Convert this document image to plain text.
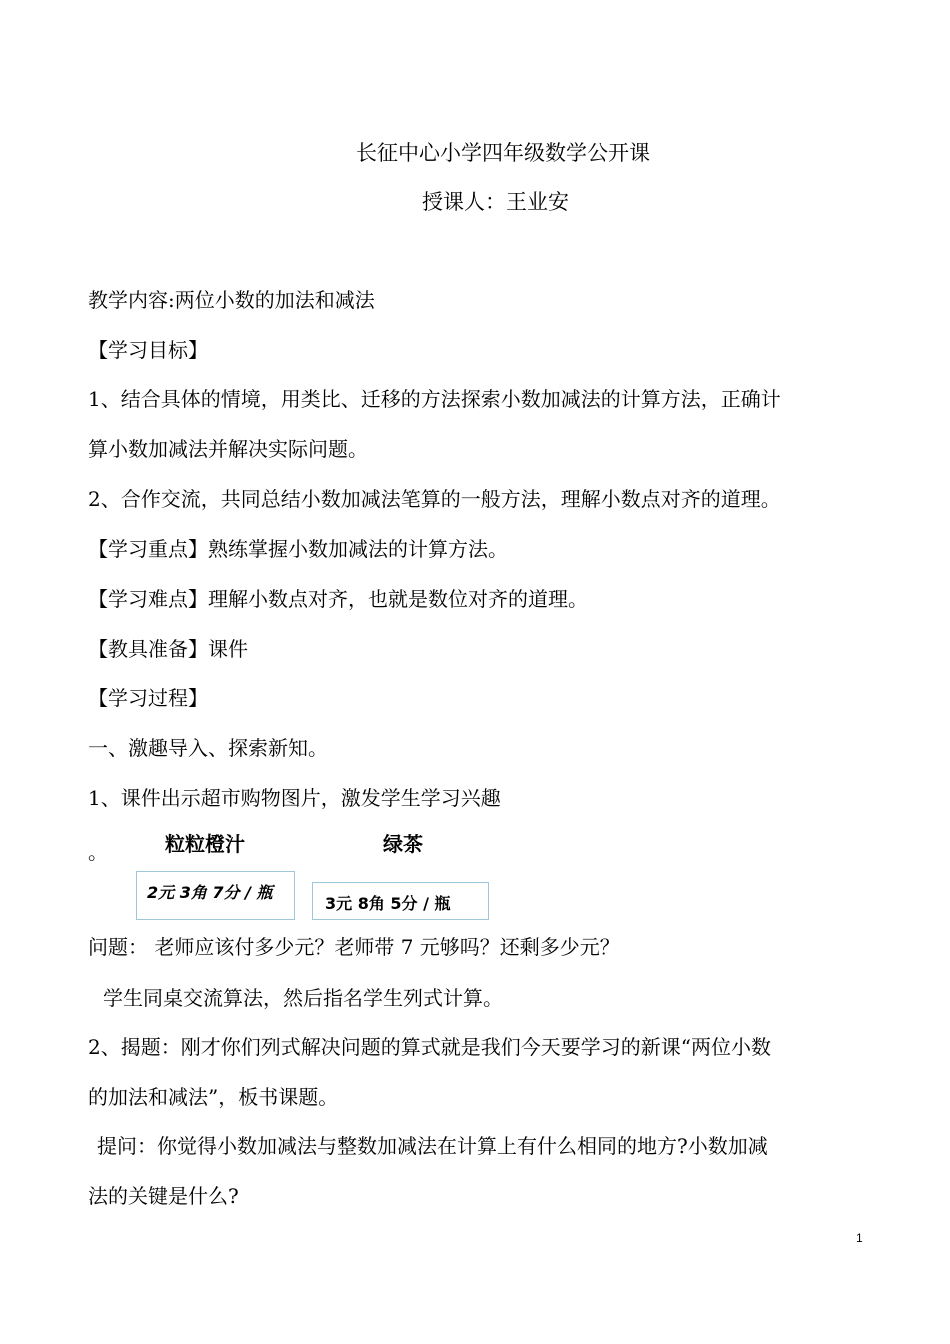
长征中心小学四年级数学公开课
授课人：王业安
教学内容:两位小数的加法和减法
【学习目标】
1、结合具体的情境，用类比、迁移的方法探索小数加减法的计算方法，正确计
算小数加减法并解决实际问题。
2、合作交流，共同总结小数加减法笔算的一般方法，理解小数点对齐的道理。
【学习重点】熟练掌握小数加减法的计算方法。
【学习难点】理解小数点对齐，也就是数位对齐的道理。
【教具准备】课件
【学习过程】
一、激趣导入、探索新知。
1、课件出示超市购物图片，激发学生学习兴趣
。	粒粒橙汁	绿茶
2元 3角 7分 / 瓶
3元 8角 5分 / 瓶
问题： 老师应该付多少元？老师带 7 元够吗？还剩多少元？
学生同桌交流算法，然后指名学生列式计算。
2、揭题：刚才你们列式解决问题的算式就是我们今天要学习的新课“两位小数
的加法和减法”，板书课题。
提问：你觉得小数加减法与整数加减法在计算上有什么相同的地方?小数加减
法的关键是什么?
1
